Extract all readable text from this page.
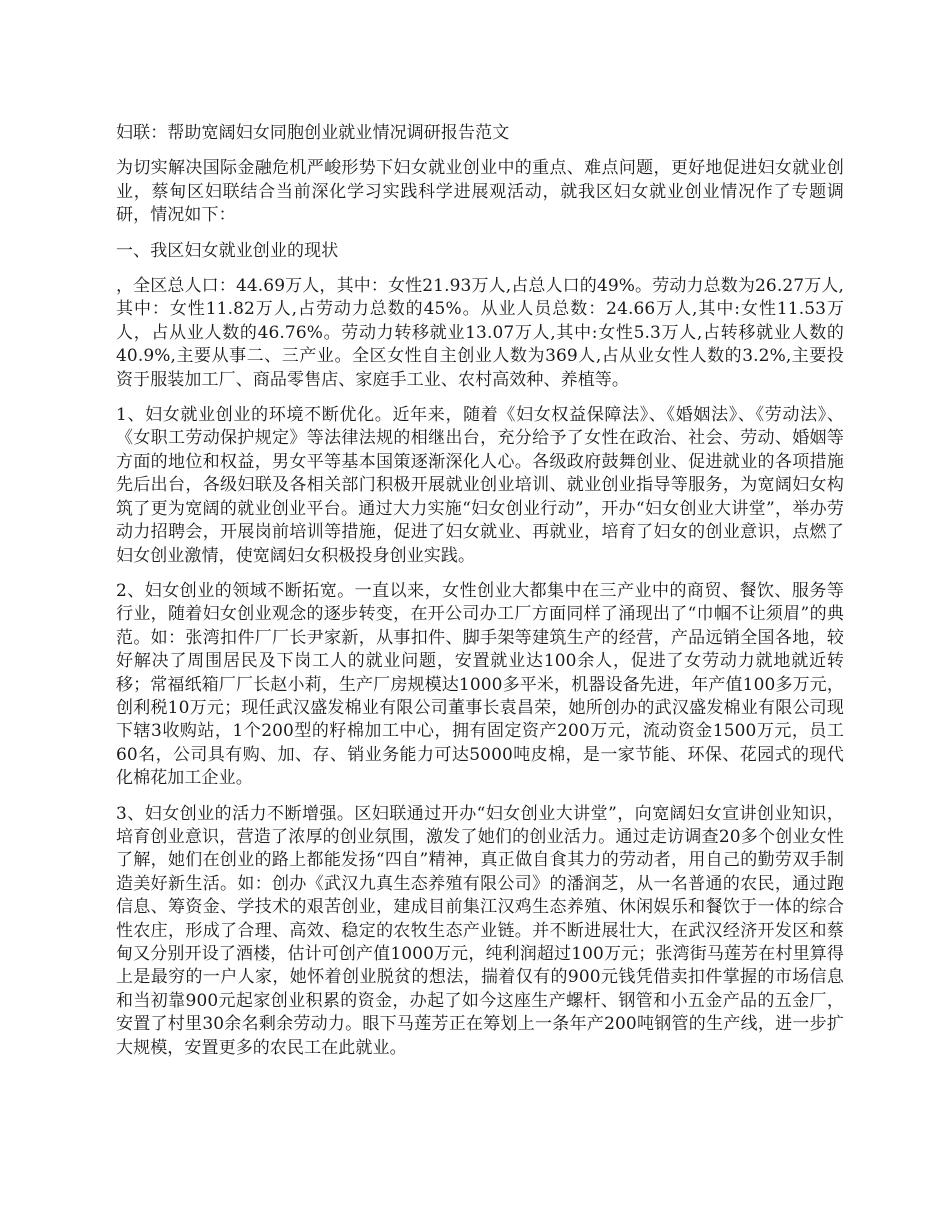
妇联：帮助宽阔妇女同胞创业就业情况调研报告范文

为切实解决国际金融危机严峻形势下妇女就业创业中的重点、难点问题，更好地促进妇女就业创业，蔡甸区妇联结合当前深化学习实践科学进展观活动，就我区妇女就业创业情况作了专题调研，情况如下：

一、我区妇女就业创业的现状

，全区总人口：44.69万人，其中：女性21.93万人,占总人口的49%。劳动力总数为26.27万人,其中：女性11.82万人,占劳动力总数的45%。从业人员总数：24.66万人,其中:女性11.53万人，占从业人数的46.76%。劳动力转移就业13.07万人,其中:女性5.3万人,占转移就业人数的40.9%,主要从事二、三产业。全区女性自主创业人数为369人,占从业女性人数的3.2%,主要投资于服装加工厂、商品零售店、家庭手工业、农村高效种、养植等。

1、妇女就业创业的环境不断优化。近年来，随着《妇女权益保障法》、《婚姻法》、《劳动法》、《女职工劳动保护规定》等法律法规的相继出台，充分给予了女性在政治、社会、劳动、婚姻等方面的地位和权益，男女平等基本国策逐渐深化人心。各级政府鼓舞创业、促进就业的各项措施先后出台，各级妇联及各相关部门积极开展就业创业培训、就业创业指导等服务，为宽阔妇女构筑了更为宽阔的就业创业平台。通过大力实施“妇女创业行动”，开办“妇女创业大讲堂”，举办劳动力招聘会，开展岗前培训等措施，促进了妇女就业、再就业，培育了妇女的创业意识，点燃了妇女创业激情，使宽阔妇女积极投身创业实践。

2、妇女创业的领域不断拓宽。一直以来，女性创业大都集中在三产业中的商贸、餐饮、服务等行业，随着妇女创业观念的逐步转变，在开公司办工厂方面同样了涌现出了“巾帼不让须眉”的典范。如：张湾扣件厂厂长尹家新，从事扣件、脚手架等建筑生产的经营，产品远销全国各地，较好解决了周围居民及下岗工人的就业问题，安置就业达100余人，促进了女劳动力就地就近转移；常福纸箱厂厂长赵小莉，生产厂房规模达1000多平米，机器设备先进，年产值100多万元，创利税10万元；现任武汉盛发棉业有限公司董事长袁昌荣，她所创办的武汉盛发棉业有限公司现下辖3收购站，1个200型的籽棉加工中心，拥有固定资产200万元，流动资金1500万元，员工60名，公司具有购、加、存、销业务能力可达5000吨皮棉，是一家节能、环保、花园式的现代化棉花加工企业。

3、妇女创业的活力不断增强。区妇联通过开办“妇女创业大讲堂”，向宽阔妇女宣讲创业知识，培育创业意识，营造了浓厚的创业氛围，激发了她们的创业活力。通过走访调查20多个创业女性了解，她们在创业的路上都能发扬“四自”精神，真正做自食其力的劳动者，用自己的勤劳双手制造美好新生活。如：创办《武汉九真生态养殖有限公司》的潘润芝，从一名普通的农民，通过跑信息、筹资金、学技术的艰苦创业，建成目前集江汉鸡生态养殖、休闲娱乐和餐饮于一体的综合性农庄，形成了合理、高效、稳定的农牧生态产业链。并不断进展壮大，在武汉经济开发区和蔡甸又分别开设了酒楼，估计可创产值1000万元，纯利润超过100万元；张湾街马莲芳在村里算得上是最穷的一户人家，她怀着创业脱贫的想法，揣着仅有的900元钱凭借卖扣件掌握的市场信息和当初靠900元起家创业积累的资金，办起了如今这座生产螺杆、钢管和小五金产品的五金厂，安置了村里30余名剩余劳动力。眼下马莲芳正在筹划上一条年产200吨钢管的生产线，进一步扩大规模，安置更多的农民工在此就业。
